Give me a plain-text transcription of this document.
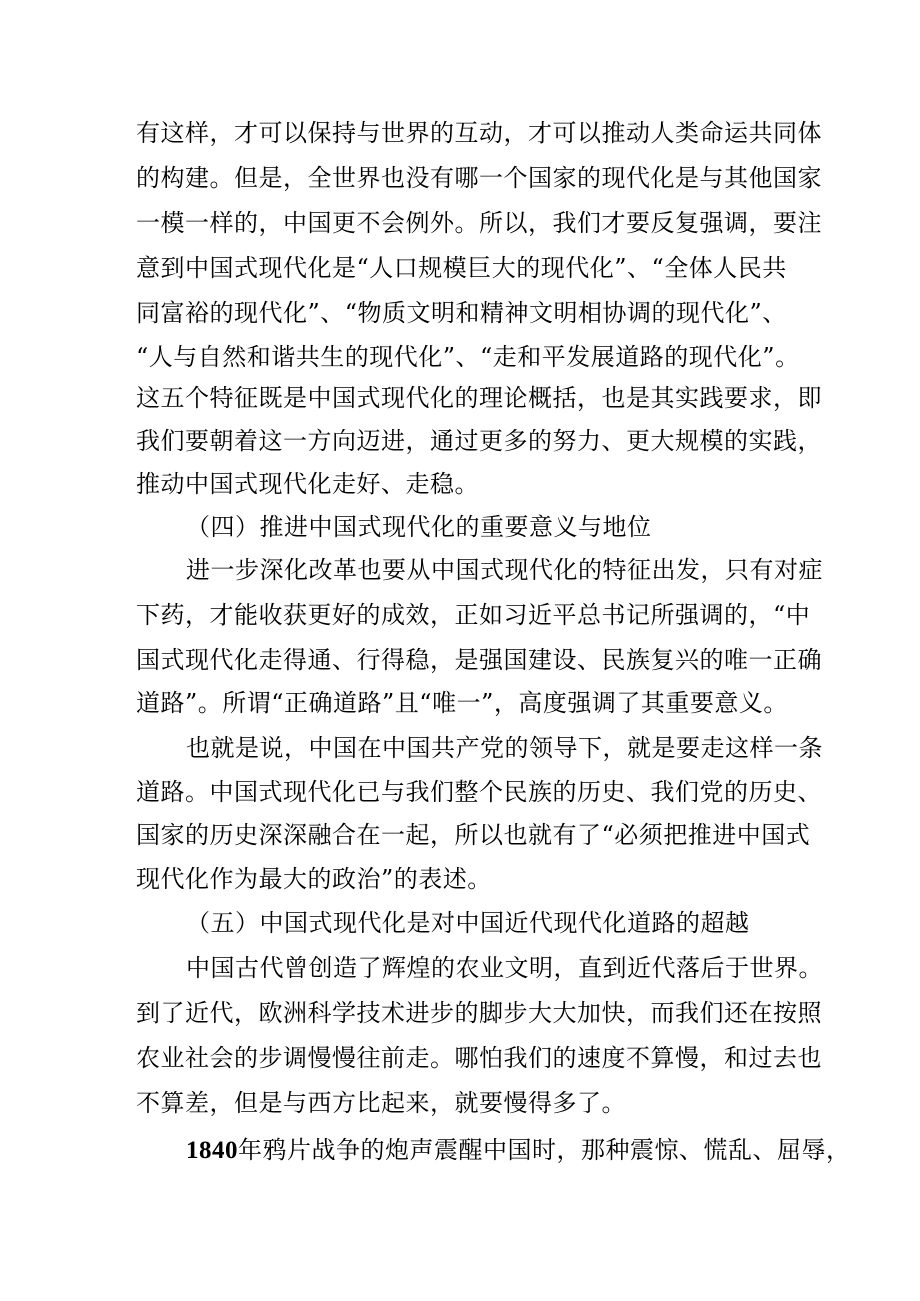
有这样，才可以保持与世界的互动，才可以推动人类命运共同体
的构建。但是，全世界也没有哪一个国家的现代化是与其他国家
一模一样的，中国更不会例外。所以，我们才要反复强调，要注
意到中国式现代化是“人口规模巨大的现代化”、“全体人民共
同富裕的现代化”、“物质文明和精神文明相协调的现代化”、
“人与自然和谐共生的现代化”、“走和平发展道路的现代化”。
这五个特征既是中国式现代化的理论概括，也是其实践要求，即
我们要朝着这一方向迈进，通过更多的努力、更大规模的实践，
推动中国式现代化走好、走稳。
（四）推进中国式现代化的重要意义与地位
进一步深化改革也要从中国式现代化的特征出发，只有对症
下药，才能收获更好的成效，正如习近平总书记所强调的，“中
国式现代化走得通、行得稳，是强国建设、民族复兴的唯一正确
道路”。所谓“正确道路”且“唯一”，高度强调了其重要意义。
也就是说，中国在中国共产党的领导下，就是要走这样一条
道路。中国式现代化已与我们整个民族的历史、我们党的历史、
国家的历史深深融合在一起，所以也就有了“必须把推进中国式
现代化作为最大的政治”的表述。
（五）中国式现代化是对中国近代现代化道路的超越
中国古代曾创造了辉煌的农业文明，直到近代落后于世界。
到了近代，欧洲科学技术进步的脚步大大加快，而我们还在按照
农业社会的步调慢慢往前走。哪怕我们的速度不算慢，和过去也
不算差，但是与西方比起来，就要慢得多了。
1840年鸦片战争的炮声震醒中国时，那种震惊、慌乱、屈辱，
